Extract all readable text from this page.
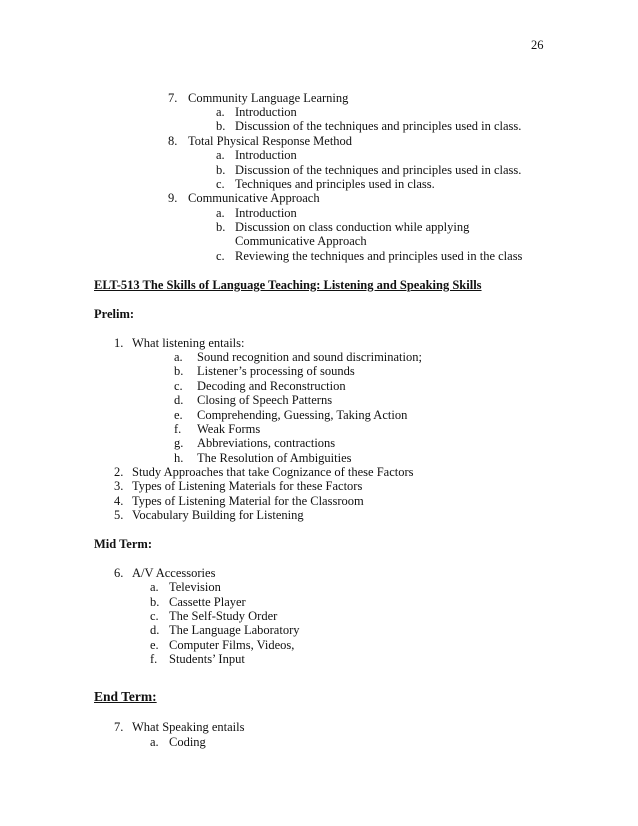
26
7. Community Language Learning
a. Introduction
b. Discussion of the techniques and principles used in class.
8. Total Physical Response Method
a. Introduction
b. Discussion of the techniques and principles used in class.
c. Techniques and principles used in class.
9. Communicative Approach
a. Introduction
b. Discussion on class conduction while applying
Communicative Approach
c. Reviewing the techniques and principles used in the class
ELT-513 The Skills of Language Teaching: Listening and Speaking Skills
Prelim:
1. What listening entails:
a. Sound recognition and sound discrimination;
b. Listener’s processing of sounds
c. Decoding and Reconstruction
d. Closing of Speech Patterns
e. Comprehending, Guessing, Taking Action
f. Weak Forms
g. Abbreviations, contractions
h. The Resolution of Ambiguities
2. Study Approaches that take Cognizance of these Factors
3. Types of Listening Materials for these Factors
4. Types of Listening Material for the Classroom
5. Vocabulary Building for Listening
Mid Term:
6. A/V Accessories
a. Television
b. Cassette Player
c. The Self-Study Order
d. The Language Laboratory
e. Computer Films, Videos,
f. Students’ Input
End Term:
7. What Speaking entails
a. Coding
